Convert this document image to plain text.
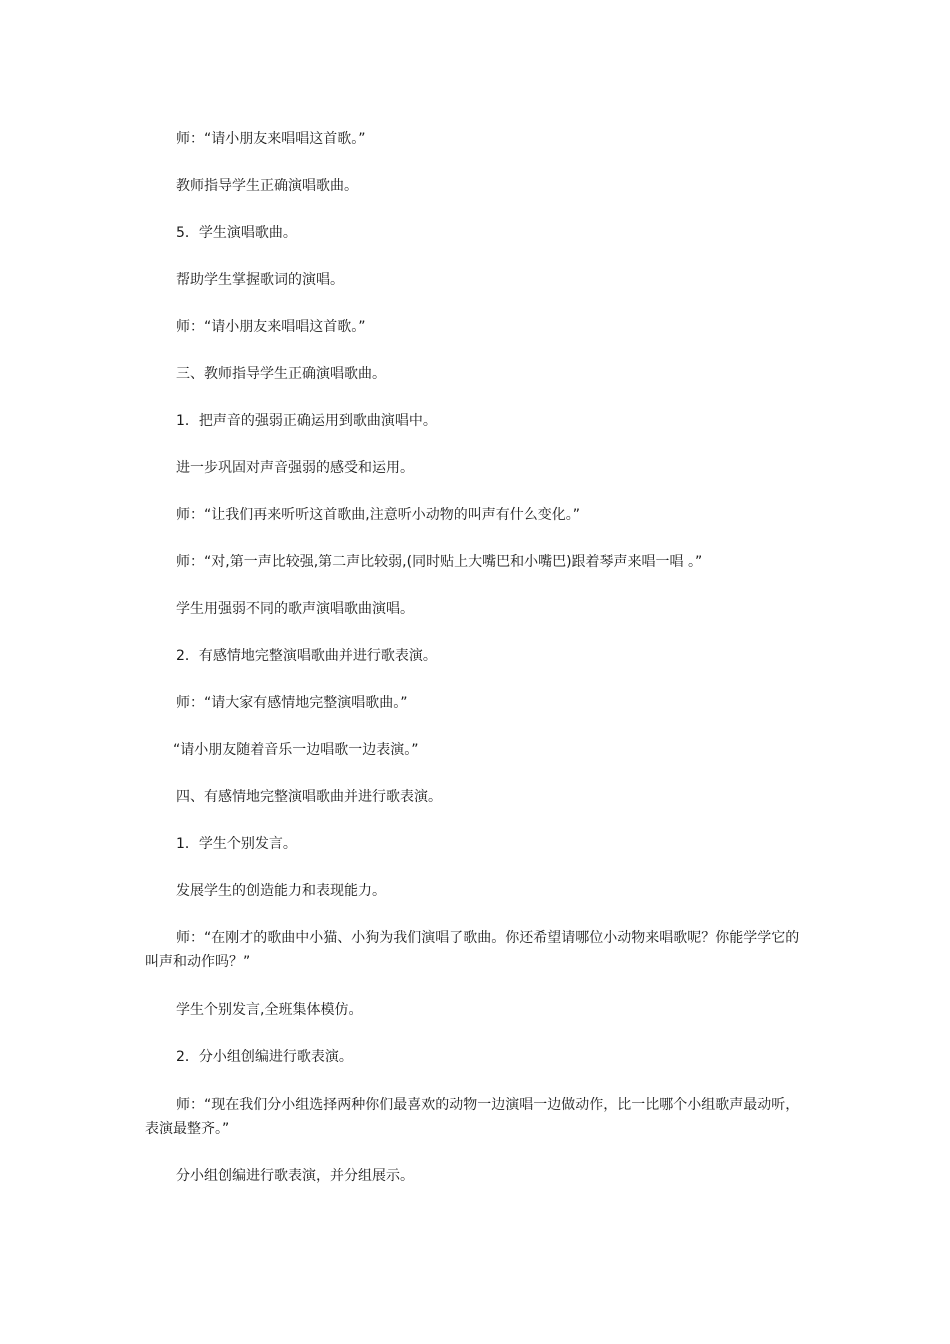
师：“请小朋友来唱唱这首歌。”

教师指导学生正确演唱歌曲。

5．学生演唱歌曲。

帮助学生掌握歌词的演唱。

师：“请小朋友来唱唱这首歌。”

三、教师指导学生正确演唱歌曲。

1．把声音的强弱正确运用到歌曲演唱中。

进一步巩固对声音强弱的感受和运用。

师：“让我们再来听听这首歌曲,注意听小动物的叫声有什么变化。”

师：“对,第一声比较强,第二声比较弱,(同时贴上大嘴巴和小嘴巴)跟着琴声来唱一唱 。”

学生用强弱不同的歌声演唱歌曲演唱。

2．有感情地完整演唱歌曲并进行歌表演。

师：“请大家有感情地完整演唱歌曲。”

“请小朋友随着音乐一边唱歌一边表演。”

四、有感情地完整演唱歌曲并进行歌表演。

1．学生个别发言。

发展学生的创造能力和表现能力。

师：“在刚才的歌曲中小猫、小狗为我们演唱了歌曲。你还希望请哪位小动物来唱歌呢？你能学学它的叫声和动作吗？”

学生个别发言,全班集体模仿。

2．分小组创编进行歌表演。

师：“现在我们分小组选择两种你们最喜欢的动物一边演唱一边做动作，比一比哪个小组歌声最动听，表演最整齐。”

分小组创编进行歌表演，并分组展示。
